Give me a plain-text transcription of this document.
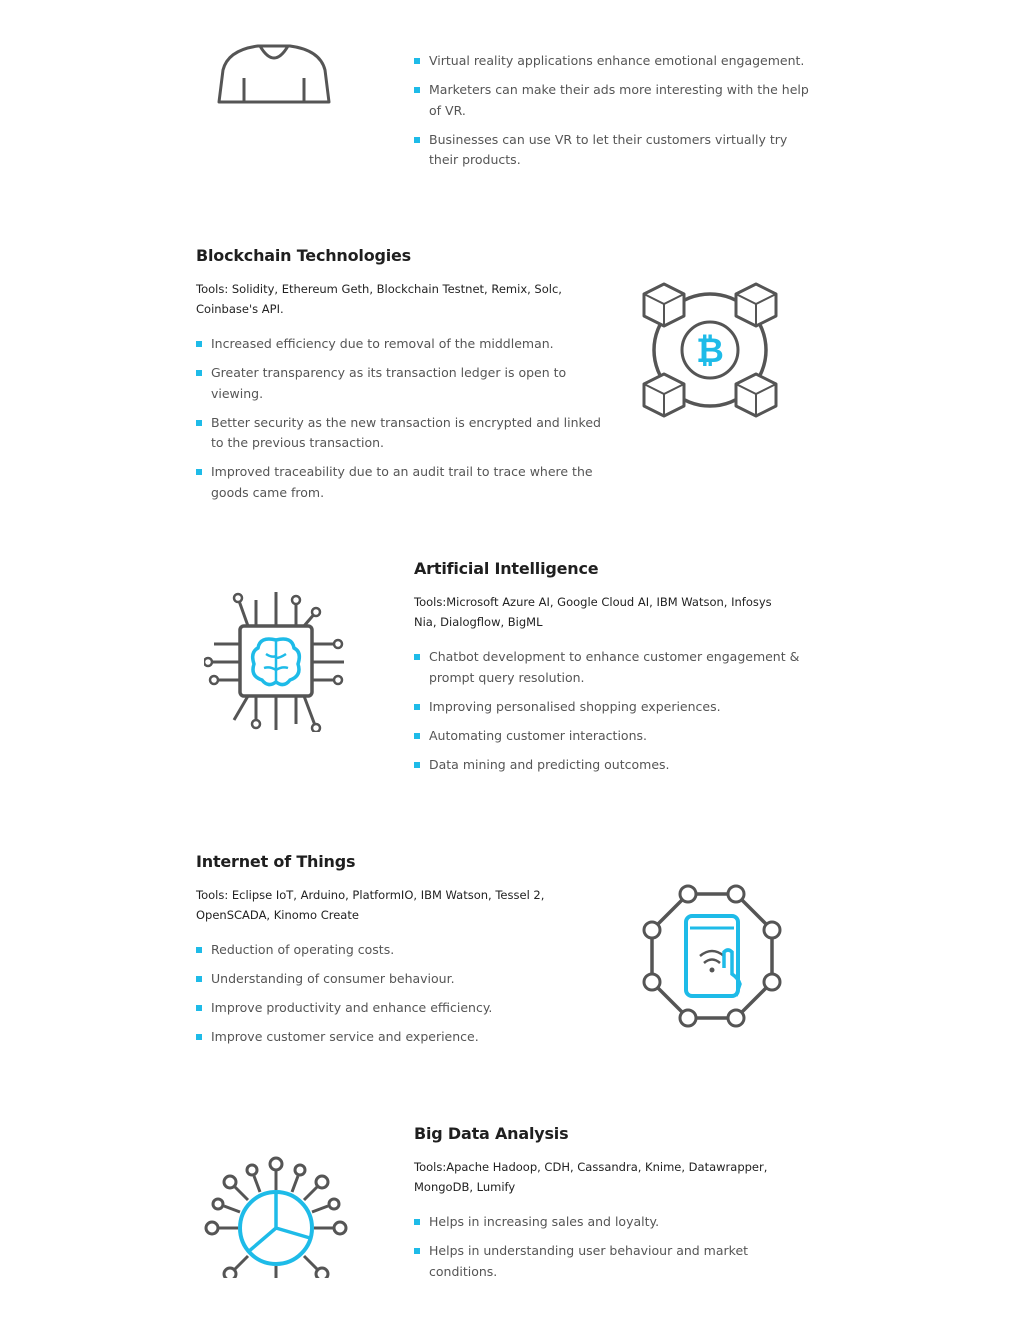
Virtual reality applications enhance emotional engagement.
Marketers can make their ads more interesting with the help of VR.
Businesses can use VR to let their customers virtually try their products.
Blockchain Technologies

Tools: Solidity, Ethereum Geth, Blockchain Testnet, Remix, Solc, Coinbase's API.

Increased efficiency due to removal of the middleman.
Greater transparency as its transaction ledger is open to viewing.
Better security as the new transaction is encrypted and linked to the previous transaction.
Improved traceability due to an audit trail to trace where the goods came from.
₿
Artificial Intelligence

Tools:Microsoft Azure AI, Google Cloud AI, IBM Watson, Infosys Nia, Dialogflow, BigML

Chatbot development to enhance customer engagement & prompt query resolution.
Improving personalised shopping experiences.
Automating customer interactions.
Data mining and predicting outcomes.
Internet of Things

Tools: Eclipse IoT, Arduino, PlatformIO, IBM Watson, Tessel 2, OpenSCADA, Kinomo Create

Reduction of operating costs.
Understanding of consumer behaviour.
Improve productivity and enhance efficiency.
Improve customer service and experience.
Big Data Analysis

Tools:Apache Hadoop, CDH, Cassandra, Knime, Datawrapper, MongoDB, Lumify

Helps in increasing sales and loyalty.
Helps in understanding user behaviour and market conditions.
